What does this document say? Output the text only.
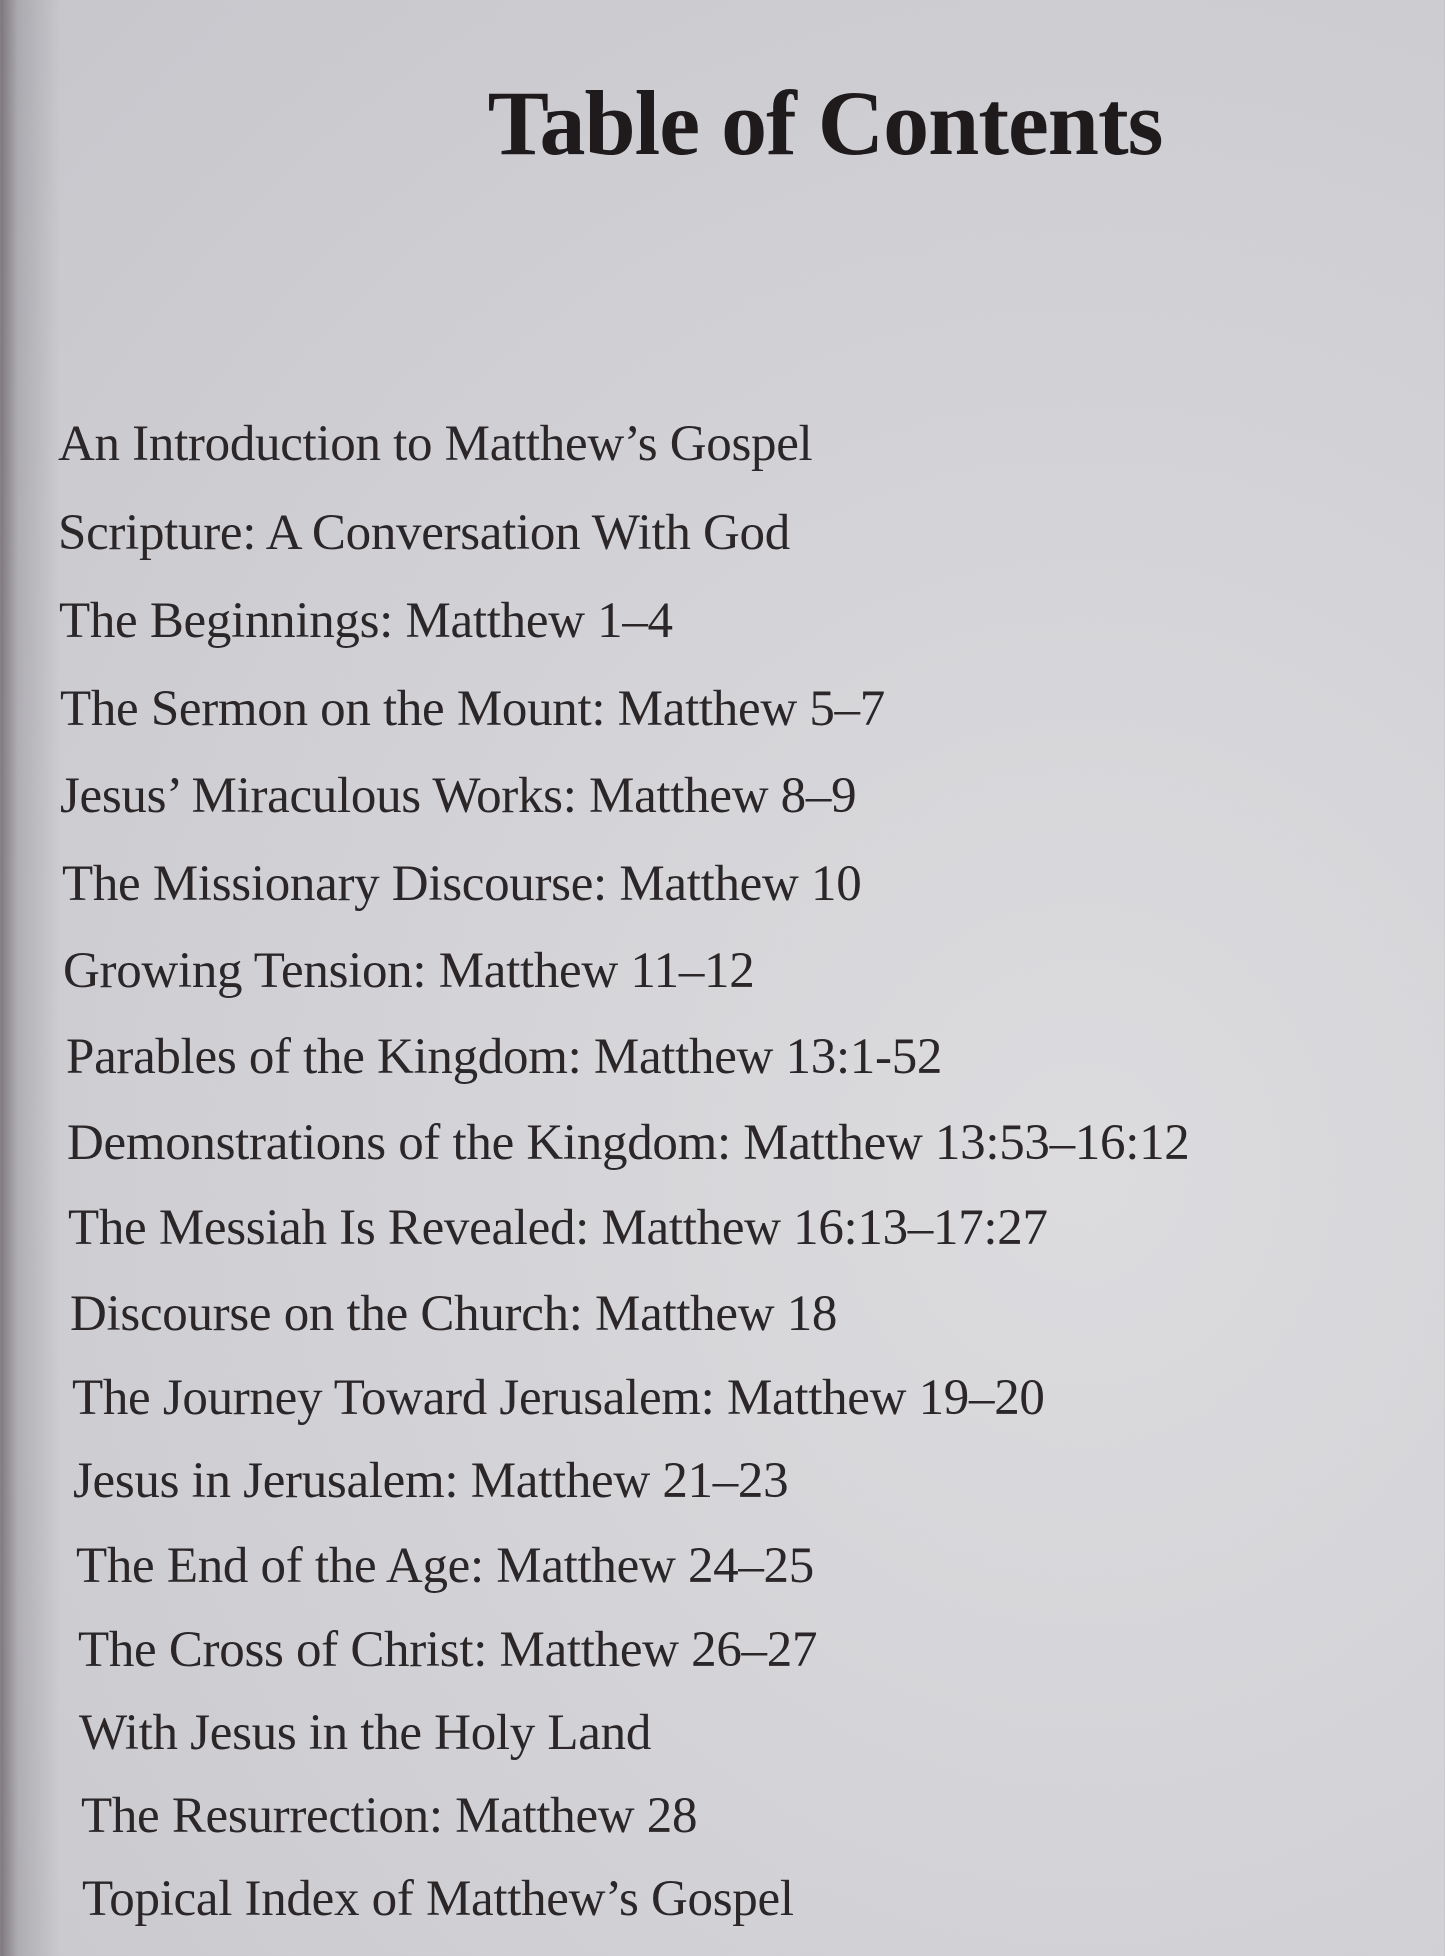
Table of Contents
An Introduction to Matthew’s Gospel
Scripture: A Conversation With God
The Beginnings: Matthew 1–4
The Sermon on the Mount: Matthew 5–7
Jesus’ Miraculous Works: Matthew 8–9
The Missionary Discourse: Matthew 10
Growing Tension: Matthew 11–12
Parables of the Kingdom: Matthew 13:1-52
Demonstrations of the Kingdom: Matthew 13:53–16:12
The Messiah Is Revealed: Matthew 16:13–17:27
Discourse on the Church: Matthew 18
The Journey Toward Jerusalem: Matthew 19–20
Jesus in Jerusalem: Matthew 21–23
The End of the Age: Matthew 24–25
The Cross of Christ: Matthew 26–27
With Jesus in the Holy Land
The Resurrection: Matthew 28
Topical Index of Matthew’s Gospel
